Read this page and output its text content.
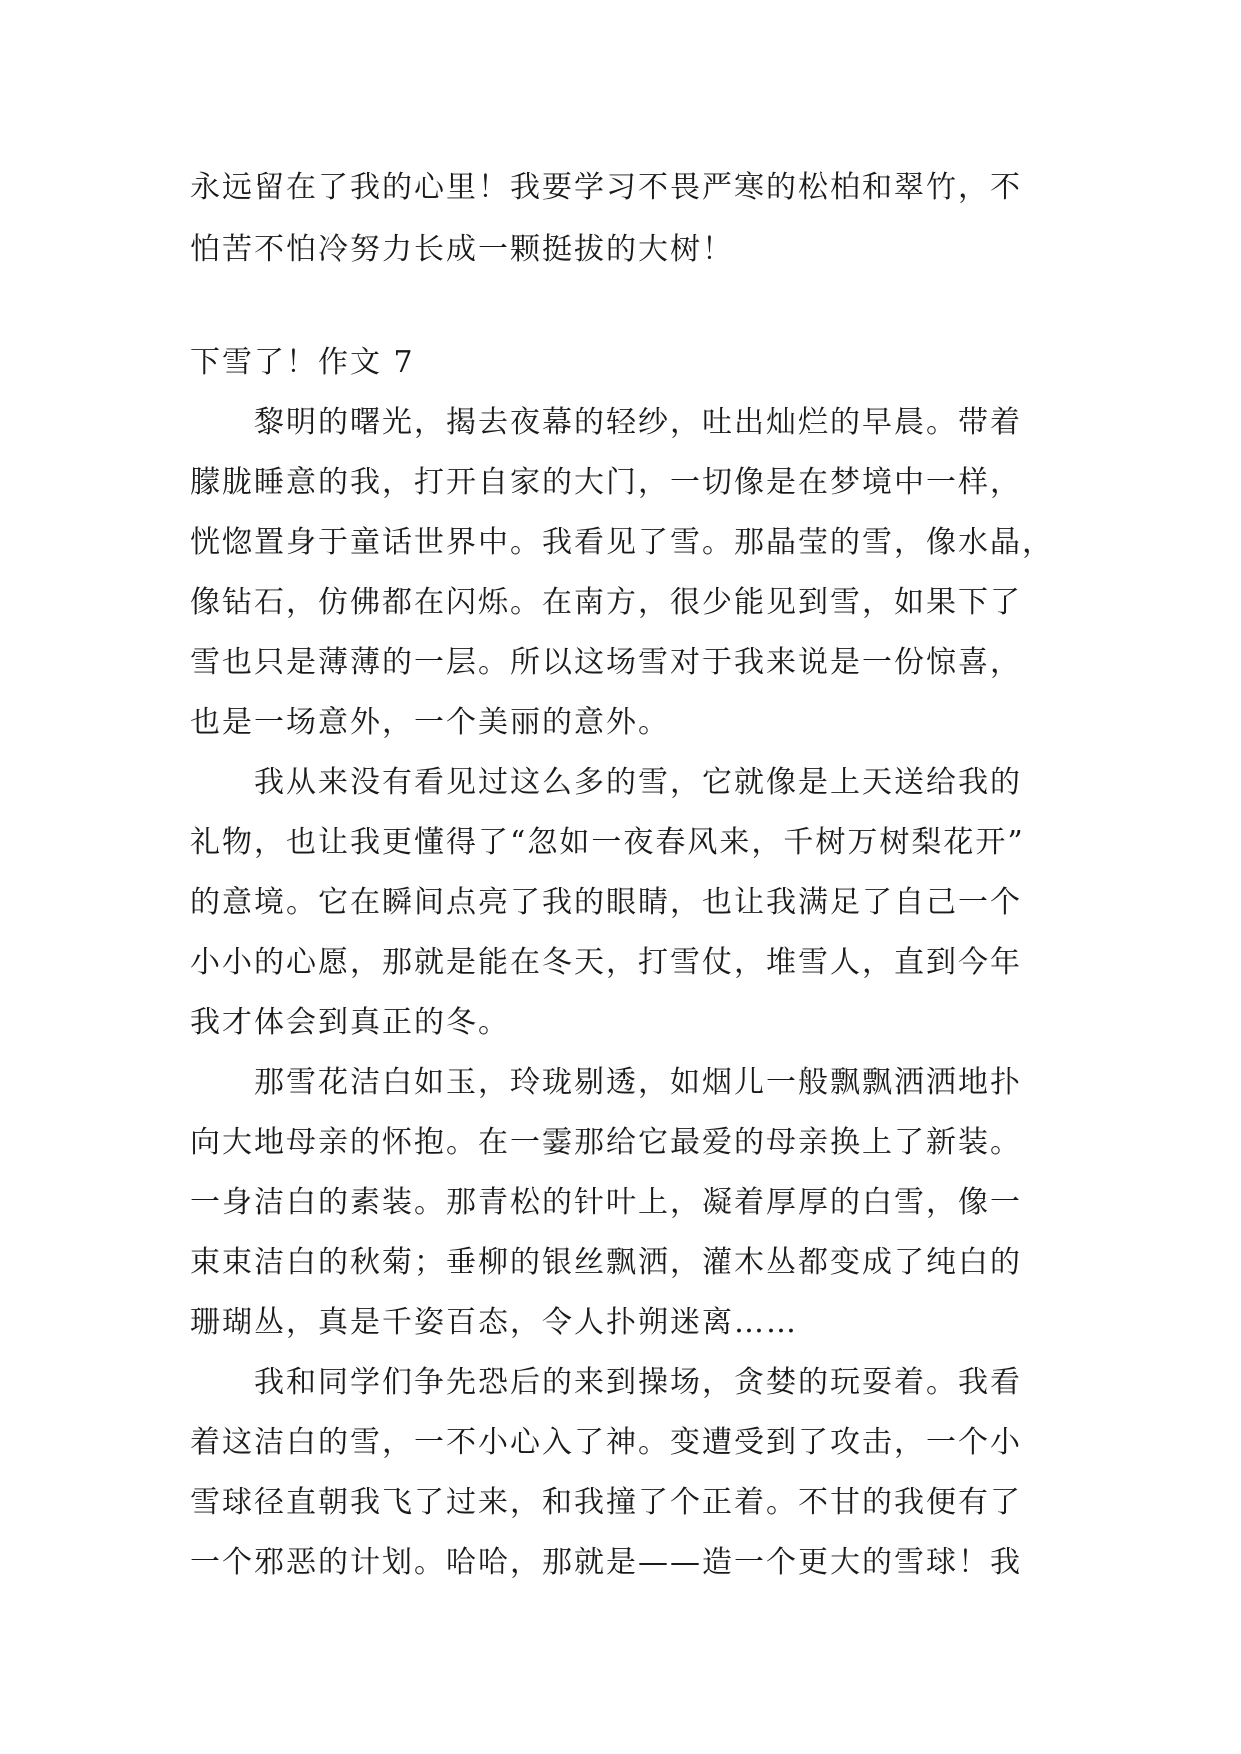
永远留在了我的心里！我要学习不畏严寒的松柏和翠竹，不
怕苦不怕冷努力长成一颗挺拔的大树！
下雪了！作文 7
　　黎明的曙光，揭去夜幕的轻纱，吐出灿烂的早晨。带着
朦胧睡意的我，打开自家的大门，一切像是在梦境中一样，
恍惚置身于童话世界中。我看见了雪。那晶莹的雪，像水晶，
像钻石，仿佛都在闪烁。在南方，很少能见到雪，如果下了
雪也只是薄薄的一层。所以这场雪对于我来说是一份惊喜，
也是一场意外，一个美丽的意外。
　　我从来没有看见过这么多的雪，它就像是上天送给我的
礼物，也让我更懂得了“忽如一夜春风来，千树万树梨花开”
的意境。它在瞬间点亮了我的眼睛，也让我满足了自己一个
小小的心愿，那就是能在冬天，打雪仗，堆雪人，直到今年
我才体会到真正的冬。
　　那雪花洁白如玉，玲珑剔透，如烟儿一般飘飘洒洒地扑
向大地母亲的怀抱。在一霎那给它最爱的母亲换上了新装。
一身洁白的素装。那青松的针叶上，凝着厚厚的白雪，像一
束束洁白的秋菊；垂柳的银丝飘洒，灌木丛都变成了纯白的
珊瑚丛，真是千姿百态，令人扑朔迷离……
　　我和同学们争先恐后的来到操场，贪婪的玩耍着。我看
着这洁白的雪，一不小心入了神。变遭受到了攻击，一个小
雪球径直朝我飞了过来，和我撞了个正着。不甘的我便有了
一个邪恶的计划。哈哈，那就是——造一个更大的雪球！我
